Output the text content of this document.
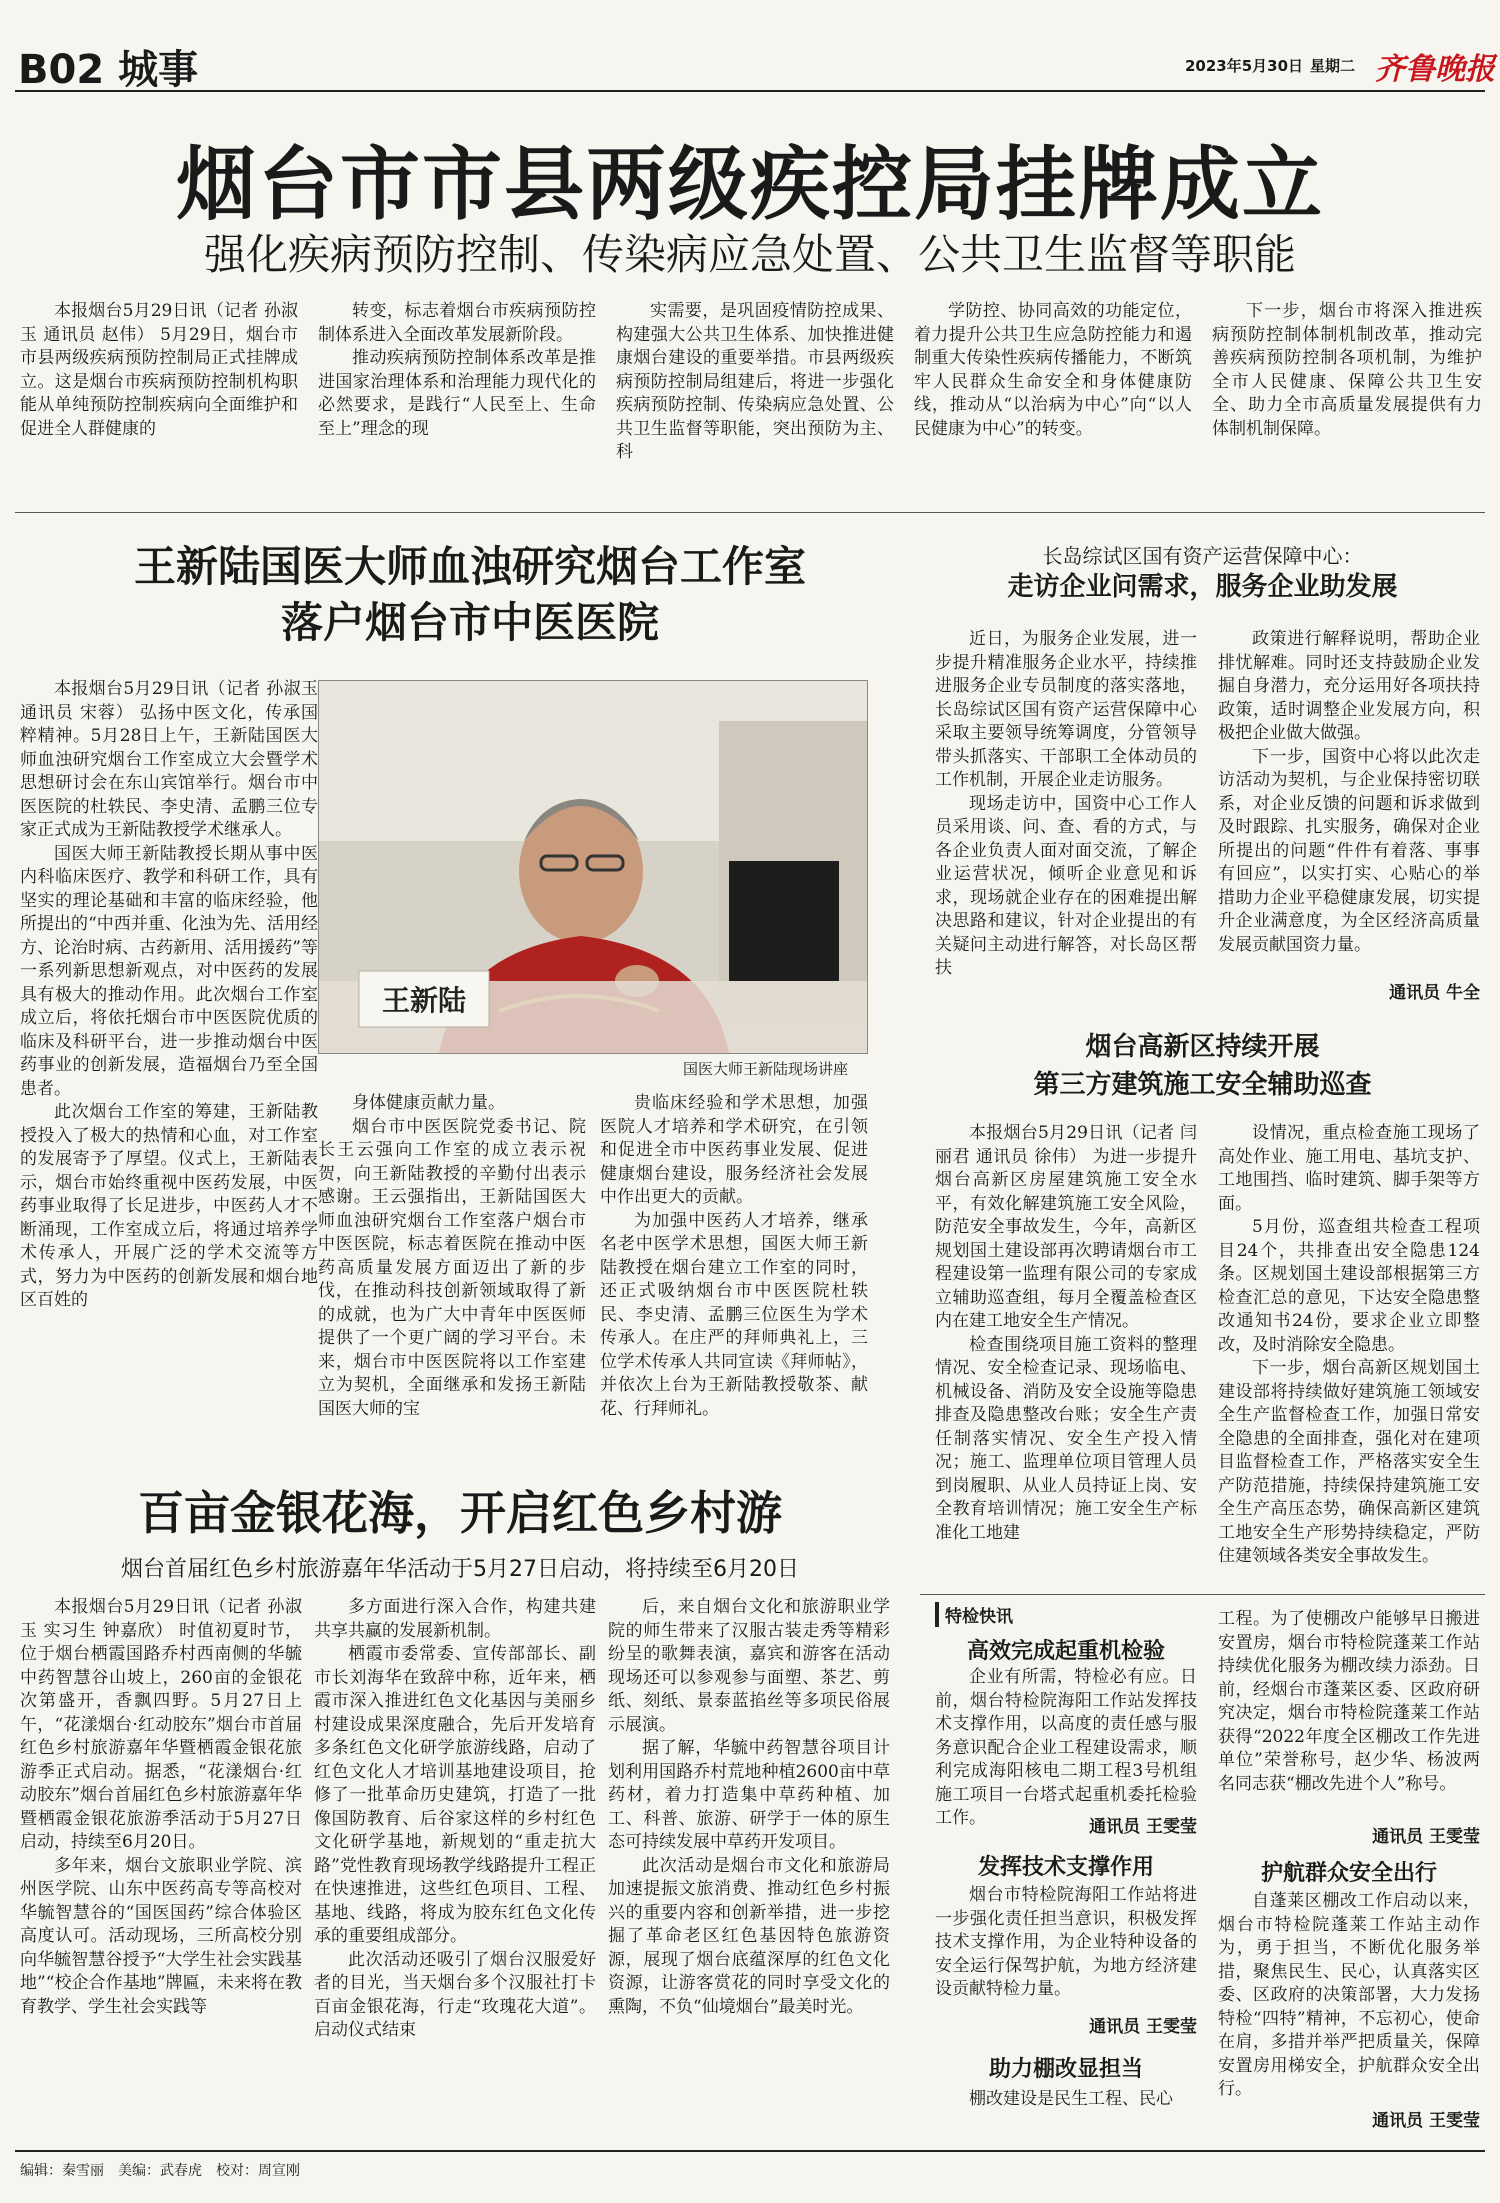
B02 城事	2023年5月30日 星期二 齐鲁晚报
烟台市市县两级疾控局挂牌成立
强化疾病预防控制、传染病应急处置、公共卫生监督等职能

本报烟台5月29日讯（记者 孙淑玉 通讯员 赵伟） 5月29日，烟台市市县两级疾病预防控制局正式挂牌成立。这是烟台市疾病预防控制机构职能从单纯预防控制疾病向全面维护和促进全人群健康的

转变，标志着烟台市疾病预防控制体系进入全面改革发展新阶段。

推动疾病预防控制体系改革是推进国家治理体系和治理能力现代化的必然要求，是践行“人民至上、生命至上”理念的现

实需要，是巩固疫情防控成果、构建强大公共卫生体系、加快推进健康烟台建设的重要举措。市县两级疾病预防控制局组建后，将进一步强化疾病预防控制、传染病应急处置、公共卫生监督等职能，突出预防为主、科

学防控、协同高效的功能定位，着力提升公共卫生应急防控能力和遏制重大传染性疾病传播能力，不断筑牢人民群众生命安全和身体健康防线，推动从“以治病为中心”向“以人民健康为中心”的转变。

下一步，烟台市将深入推进疾病预防控制体制机制改革，推动完善疾病预防控制各项机制，为维护全市人民健康、保障公共卫生安全、助力全市高质量发展提供有力体制机制保障。

王新陆国医大师血浊研究烟台工作室
落户烟台市中医医院

本报烟台5月29日讯（记者 孙淑玉 通讯员 宋蓉） 弘扬中医文化，传承国粹精神。5月28日上午，王新陆国医大师血浊研究烟台工作室成立大会暨学术思想研讨会在东山宾馆举行。烟台市中医医院的杜轶民、李史清、孟鹏三位专家正式成为王新陆教授学术继承人。

国医大师王新陆教授长期从事中医内科临床医疗、教学和科研工作，具有坚实的理论基础和丰富的临床经验，他所提出的“中西并重、化浊为先、活用经方、论治时病、古药新用、活用援药”等一系列新思想新观点，对中医药的发展具有极大的推动作用。此次烟台工作室成立后，将依托烟台市中医医院优质的临床及科研平台，进一步推动烟台中医药事业的创新发展，造福烟台乃至全国患者。

此次烟台工作室的筹建，王新陆教授投入了极大的热情和心血，对工作室的发展寄予了厚望。仪式上，王新陆表示，烟台市始终重视中医药发展，中医药事业取得了长足进步，中医药人才不断涌现，工作室成立后，将通过培养学术传承人，开展广泛的学术交流等方式，努力为中医药的创新发展和烟台地区百姓的

王新陆
国医大师王新陆现场讲座

身体健康贡献力量。

烟台市中医医院党委书记、院长王云强向工作室的成立表示祝贺，向王新陆教授的辛勤付出表示感谢。王云强指出，王新陆国医大师血浊研究烟台工作室落户烟台市中医医院，标志着医院在推动中医药高质量发展方面迈出了新的步伐，在推动科技创新领域取得了新的成就，也为广大中青年中医医师提供了一个更广阔的学习平台。未来，烟台市中医医院将以工作室建立为契机，全面继承和发扬王新陆国医大师的宝

贵临床经验和学术思想，加强医院人才培养和学术研究，在引领和促进全市中医药事业发展、促进健康烟台建设，服务经济社会发展中作出更大的贡献。

为加强中医药人才培养，继承名老中医学术思想，国医大师王新陆教授在烟台建立工作室的同时，还正式吸纳烟台市中医医院杜轶民、李史清、孟鹏三位医生为学术传承人。在庄严的拜师典礼上，三位学术传承人共同宣读《拜师帖》，并依次上台为王新陆教授敬茶、献花、行拜师礼。

长岛综试区国有资产运营保障中心：
走访企业问需求，服务企业助发展

近日，为服务企业发展，进一步提升精准服务企业水平，持续推进服务企业专员制度的落实落地，长岛综试区国有资产运营保障中心采取主要领导统筹调度，分管领导带头抓落实、干部职工全体动员的工作机制，开展企业走访服务。

现场走访中，国资中心工作人员采用谈、问、查、看的方式，与各企业负责人面对面交流，了解企业运营状况，倾听企业意见和诉求，现场就企业存在的困难提出解决思路和建议，针对企业提出的有关疑问主动进行解答，对长岛区帮扶

政策进行解释说明，帮助企业排忧解难。同时还支持鼓励企业发掘自身潜力，充分运用好各项扶持政策，适时调整企业发展方向，积极把企业做大做强。

下一步，国资中心将以此次走访活动为契机，与企业保持密切联系，对企业反馈的问题和诉求做到及时跟踪、扎实服务，确保对企业所提出的问题“件件有着落、事事有回应”，以实打实、心贴心的举措助力企业平稳健康发展，切实提升企业满意度，为全区经济高质量发展贡献国资力量。

通讯员 牛全
烟台高新区持续开展
第三方建筑施工安全辅助巡查

本报烟台5月29日讯（记者 闫丽君 通讯员 徐伟） 为进一步提升烟台高新区房屋建筑施工安全水平，有效化解建筑施工安全风险，防范安全事故发生，今年，高新区规划国土建设部再次聘请烟台市工程建设第一监理有限公司的专家成立辅助巡查组，每月全覆盖检查区内在建工地安全生产情况。

检查围绕项目施工资料的整理情况、安全检查记录、现场临电、机械设备、消防及安全设施等隐患排查及隐患整改台账；安全生产责任制落实情况、安全生产投入情况；施工、监理单位项目管理人员到岗履职、从业人员持证上岗、安全教育培训情况；施工安全生产标准化工地建

设情况，重点检查施工现场了高处作业、施工用电、基坑支护、工地围挡、临时建筑、脚手架等方面。

5月份，巡查组共检查工程项目24个，共排查出安全隐患124条。区规划国土建设部根据第三方检查汇总的意见，下达安全隐患整改通知书24份，要求企业立即整改，及时消除安全隐患。

下一步，烟台高新区规划国土建设部将持续做好建筑施工领域安全生产监督检查工作，加强日常安全隐患的全面排查，强化对在建项目监督检查工作，严格落实安全生产防范措施，持续保持建筑施工安全生产高压态势，确保高新区建筑工地安全生产形势持续稳定，严防住建领域各类安全事故发生。

百亩金银花海，开启红色乡村游
烟台首届红色乡村旅游嘉年华活动于5月27日启动，将持续至6月20日

本报烟台5月29日讯（记者 孙淑玉 实习生 钟嘉欣） 时值初夏时节，位于烟台栖霞国路乔村西南侧的华毓中药智慧谷山坡上，260亩的金银花次第盛开，香飘四野。5月27日上午，“花漾烟台·红动胶东”烟台市首届红色乡村旅游嘉年华暨栖霞金银花旅游季正式启动。据悉，“花漾烟台·红动胶东”烟台首届红色乡村旅游嘉年华暨栖霞金银花旅游季活动于5月27日启动，持续至6月20日。

多年来，烟台文旅职业学院、滨州医学院、山东中医药高专等高校对华毓智慧谷的“国医国药”综合体验区高度认可。活动现场，三所高校分别向华毓智慧谷授予“大学生社会实践基地”“校企合作基地”牌匾，未来将在教育教学、学生社会实践等

多方面进行深入合作，构建共建共享共赢的发展新机制。

栖霞市委常委、宣传部部长、副市长刘海华在致辞中称，近年来，栖霞市深入推进红色文化基因与美丽乡村建设成果深度融合，先后开发培育多条红色文化研学旅游线路，启动了红色文化人才培训基地建设项目，抢修了一批革命历史建筑，打造了一批像国防教育、后谷家这样的乡村红色文化研学基地，新规划的“重走抗大路”党性教育现场教学线路提升工程正在快速推进，这些红色项目、工程、基地、线路，将成为胶东红色文化传承的重要组成部分。

此次活动还吸引了烟台汉服爱好者的目光，当天烟台多个汉服社打卡百亩金银花海，行走“玫瑰花大道”。启动仪式结束

后，来自烟台文化和旅游职业学院的师生带来了汉服古装走秀等精彩纷呈的歌舞表演，嘉宾和游客在活动现场还可以参观参与面塑、茶艺、剪纸、刻纸、景泰蓝掐丝等多项民俗展示展演。

据了解，华毓中药智慧谷项目计划利用国路乔村荒地种植2600亩中草药材，着力打造集中草药种植、加工、科普、旅游、研学于一体的原生态可持续发展中草药开发项目。

此次活动是烟台市文化和旅游局加速提振文旅消费、推动红色乡村振兴的重要内容和创新举措，进一步挖掘了革命老区红色基因特色旅游资源，展现了烟台底蕴深厚的红色文化资源，让游客赏花的同时享受文化的熏陶，不负“仙境烟台”最美时光。

特检快讯
高效完成起重机检验

企业有所需，特检必有应。日前，烟台特检院海阳工作站发挥技术支撑作用，以高度的责任感与服务意识配合企业工程建设需求，顺利完成海阳核电二期工程3号机组施工项目一台塔式起重机委托检验工作。	通讯员 王雯莹
发挥技术支撑作用

烟台市特检院海阳工作站将进一步强化责任担当意识，积极发挥技术支撑作用，为企业特种设备的安全运行保驾护航，为地方经济建设贡献特检力量。

通讯员 王雯莹
助力棚改显担当

棚改建设是民生工程、民心

工程。为了使棚改户能够早日搬进安置房，烟台市特检院蓬莱工作站持续优化服务为棚改续力添劲。日前，经烟台市蓬莱区委、区政府研究决定，烟台市特检院蓬莱工作站获得“2022年度全区棚改工作先进单位”荣誉称号，赵少华、杨波两名同志获“棚改先进个人”称号。

通讯员 王雯莹
护航群众安全出行

自蓬莱区棚改工作启动以来，烟台市特检院蓬莱工作站主动作为，勇于担当，不断优化服务举措，聚焦民生、民心，认真落实区委、区政府的决策部署，大力发扬特检“四特”精神，不忘初心，使命在肩，多措并举严把质量关，保障安置房用梯安全，护航群众安全出行。

通讯员 王雯莹
编辑：秦雪丽　美编：武春虎　校对：周宣刚
